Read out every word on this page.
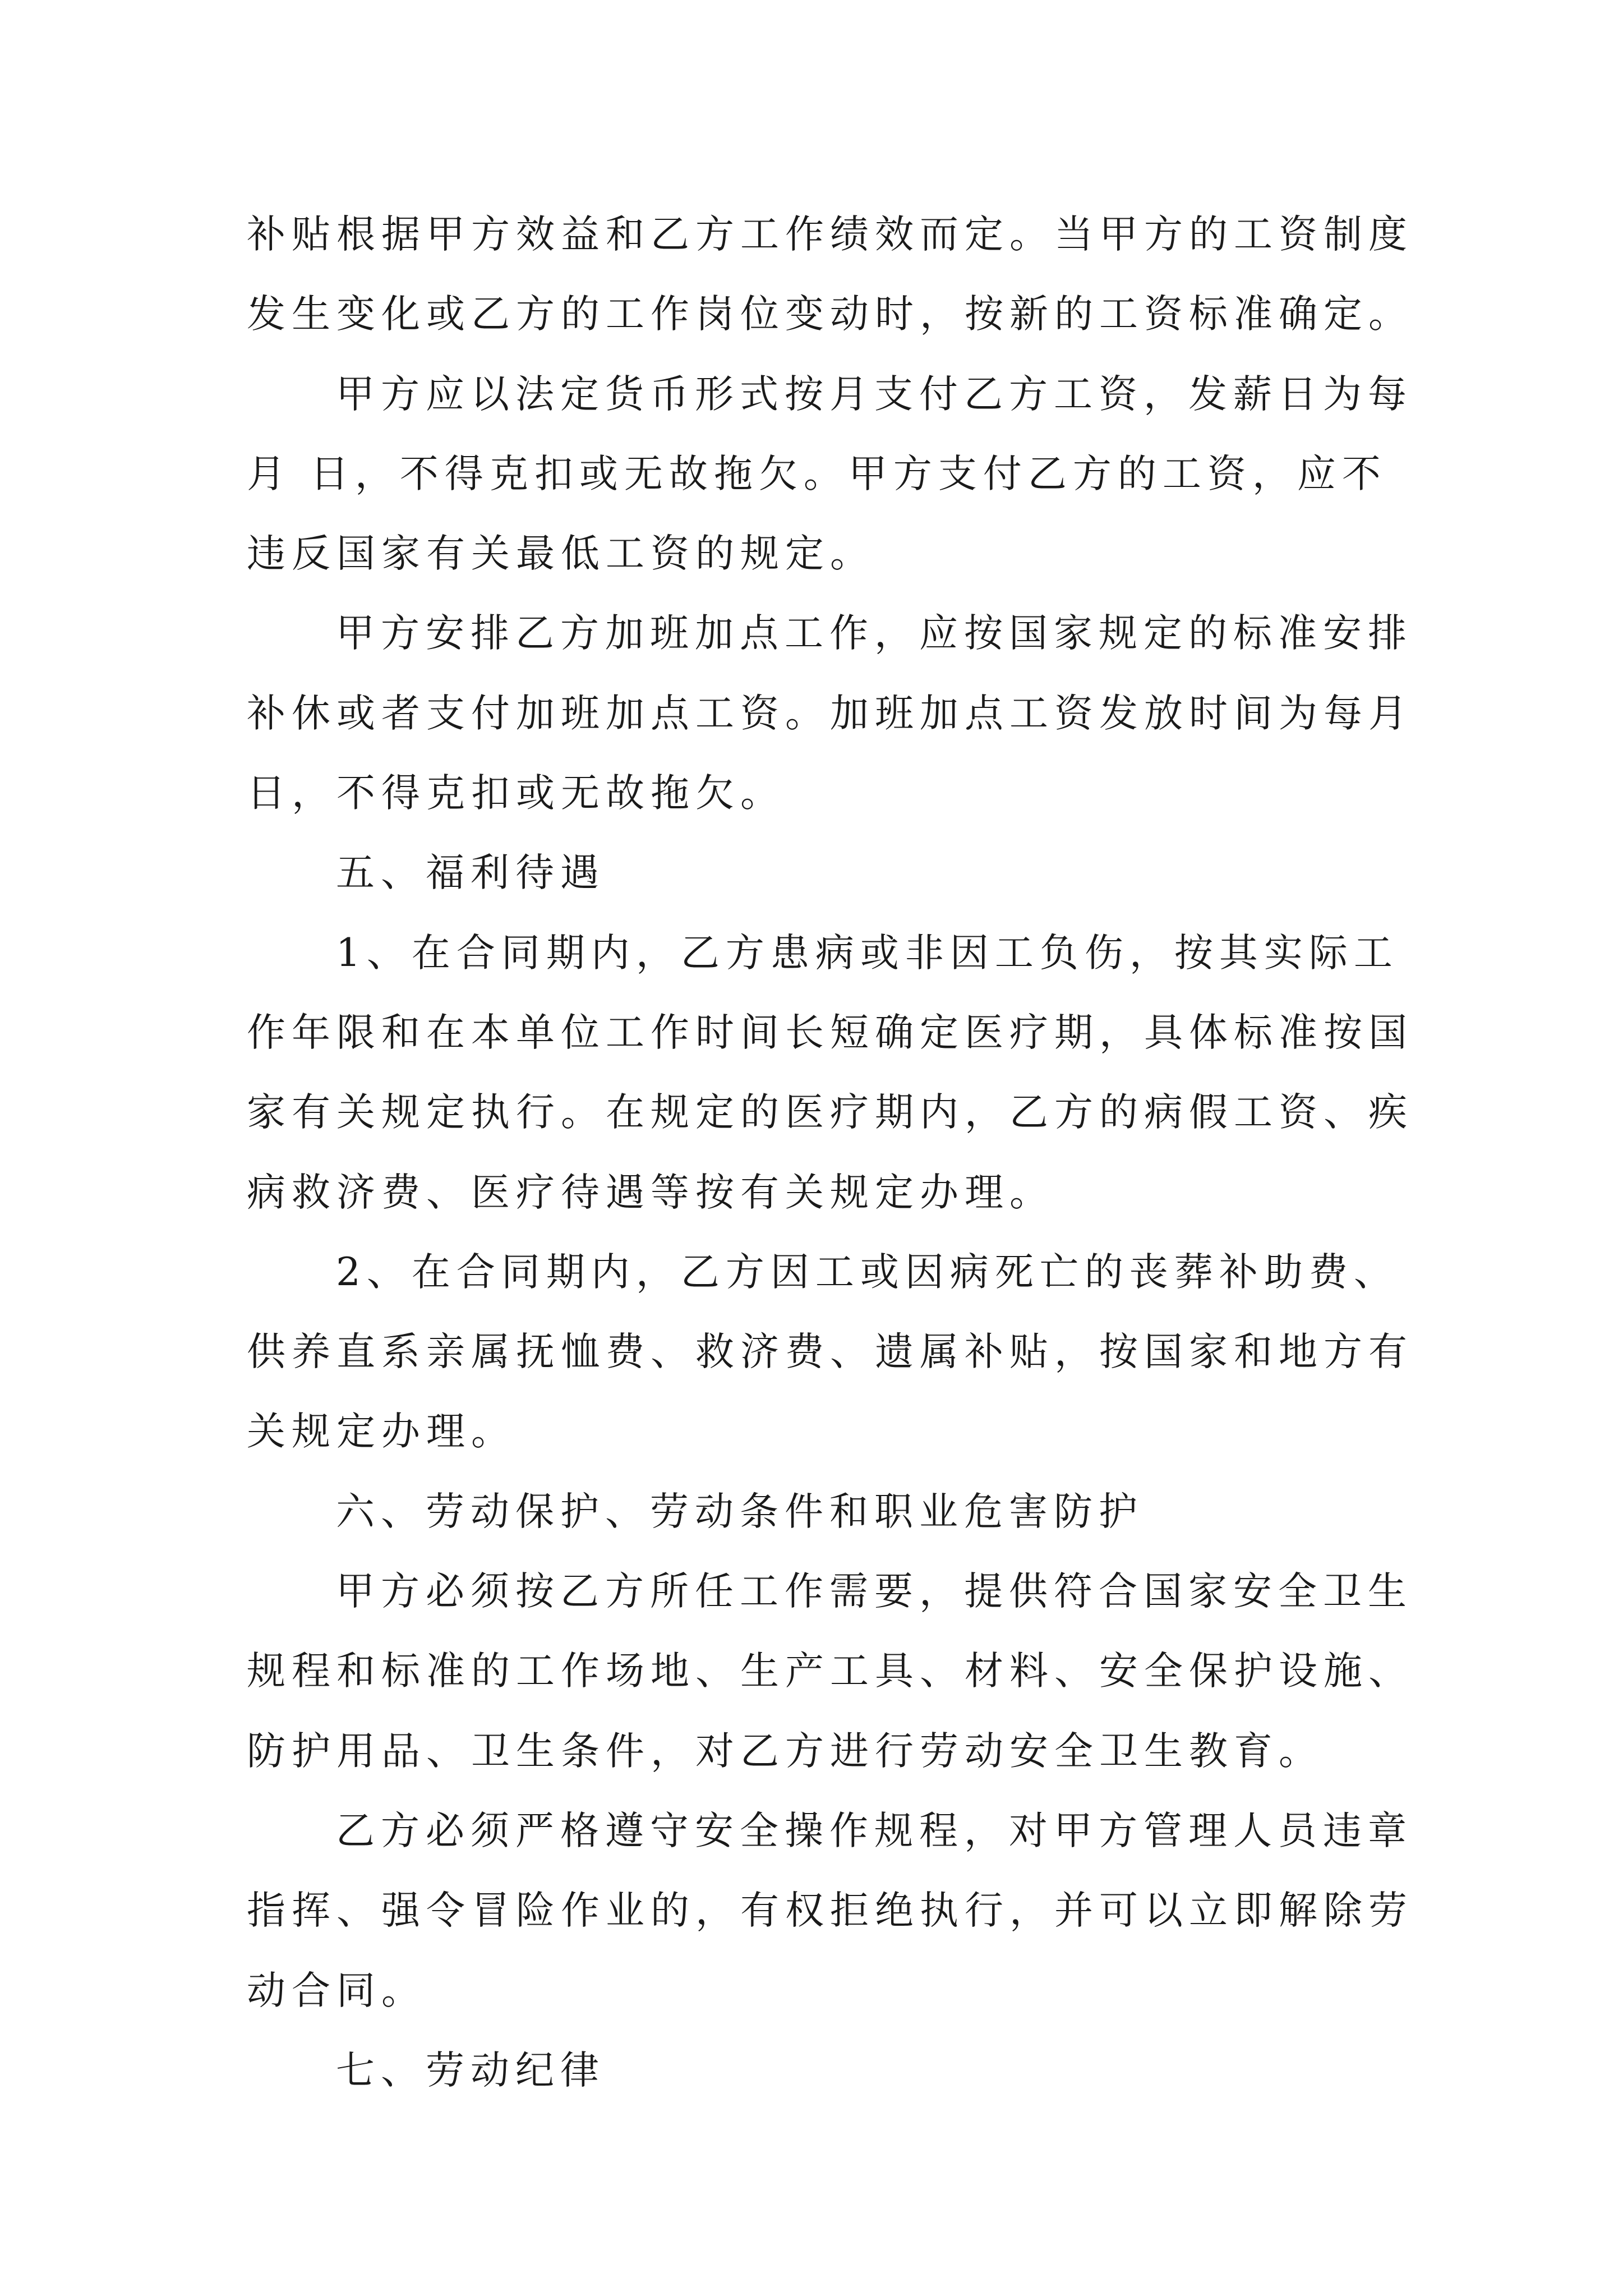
补贴根据甲方效益和乙方工作绩效而定。当甲方的工资制度
发生变化或乙方的工作岗位变动时，按新的工资标准确定。
甲方应以法定货币形式按月支付乙方工资，发薪日为每
月 日，不得克扣或无故拖欠。甲方支付乙方的工资，应不
违反国家有关最低工资的规定。
甲方安排乙方加班加点工作，应按国家规定的标准安排
补休或者支付加班加点工资。加班加点工资发放时间为每月
日，不得克扣或无故拖欠。
五、福利待遇
1、在合同期内，乙方患病或非因工负伤，按其实际工
作年限和在本单位工作时间长短确定医疗期，具体标准按国
家有关规定执行。在规定的医疗期内，乙方的病假工资、疾
病救济费、医疗待遇等按有关规定办理。
2、在合同期内，乙方因工或因病死亡的丧葬补助费、
供养直系亲属抚恤费、救济费、遗属补贴，按国家和地方有
关规定办理。
六、劳动保护、劳动条件和职业危害防护
甲方必须按乙方所任工作需要，提供符合国家安全卫生
规程和标准的工作场地、生产工具、材料、安全保护设施、
防护用品、卫生条件，对乙方进行劳动安全卫生教育。
乙方必须严格遵守安全操作规程，对甲方管理人员违章
指挥、强令冒险作业的，有权拒绝执行，并可以立即解除劳
动合同。
七、劳动纪律
